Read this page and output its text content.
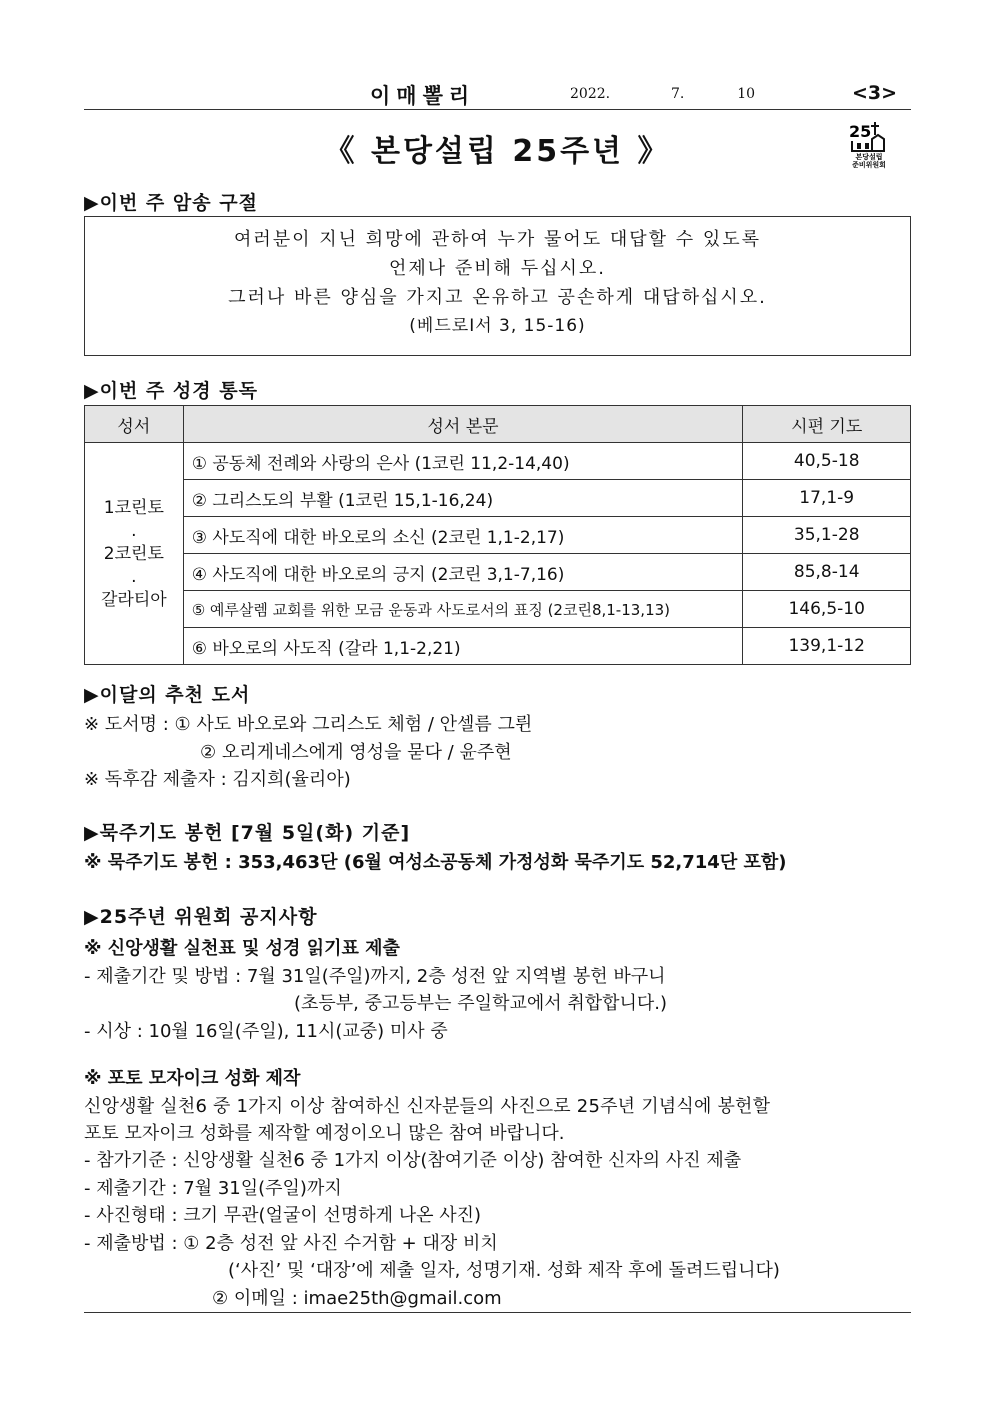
이매뽈리	2022.	7.	10	<3>
《 본당설립 25주년 》
25
본당설립
준비위원회
▶이번 주 암송 구절
여러분이 지닌 희망에 관하여 누가 물어도 대답할 수 있도록
언제나 준비해 두십시오.
그러나 바른 양심을 가지고 온유하고 공손하게 대답하십시오.
(베드로Ⅰ서 3, 15-16)
▶이번 주 성경 통독
성서	성서 본문	시편 기도

1코린토
.
2코린토
.
갈라티아	① 공동체 전례와 사랑의 은사 (1코린 11,2-14,40)	40,5-18
	② 그리스도의 부활 (1코린 15,1-16,24)	17,1-9
	③ 사도직에 대한 바오로의 소신 (2코린 1,1-2,17)	35,1-28
	④ 사도직에 대한 바오로의 긍지 (2코린 3,1-7,16)	85,8-14
	⑤ 예루살렘 교회를 위한 모금 운동과 사도로서의 표징 (2코린8,1-13,13)	146,5-10
	⑥ 바오로의 사도직 (갈라 1,1-2,21)	139,1-12
▶이달의 추천 도서
※ 도서명 : ① 사도 바오로와 그리스도 체험 / 안셀름 그륀
② 오리게네스에게 영성을 묻다 / 윤주현
※ 독후감 제출자 : 김지희(율리아)
▶묵주기도 봉헌 [7월 5일(화) 기준]
※ 묵주기도 봉헌 : 353,463단 (6월 여성소공동체 가정성화 묵주기도 52,714단 포함)
▶25주년 위원회 공지사항
※ 신앙생활 실천표 및 성경 읽기표 제출
- 제출기간 및 방법 : 7월 31일(주일)까지, 2층 성전 앞 지역별 봉헌 바구니
(초등부, 중고등부는 주일학교에서 취합합니다.)
- 시상 : 10월 16일(주일), 11시(교중) 미사 중
※ 포토 모자이크 성화 제작
신앙생활 실천6 중 1가지 이상 참여하신 신자분들의 사진으로 25주년 기념식에 봉헌할
포토 모자이크 성화를 제작할 예정이오니 많은 참여 바랍니다.
- 참가기준 : 신앙생활 실천6 중 1가지 이상(참여기준 이상) 참여한 신자의 사진 제출
- 제출기간 : 7월 31일(주일)까지
- 사진형태 : 크기 무관(얼굴이 선명하게 나온 사진)
- 제출방법 : ① 2층 성전 앞 사진 수거함 + 대장 비치
(‘사진’ 및 ‘대장’에 제출 일자, 성명기재. 성화 제작 후에 돌려드립니다)
② 이메일 : imae25th@gmail.com
